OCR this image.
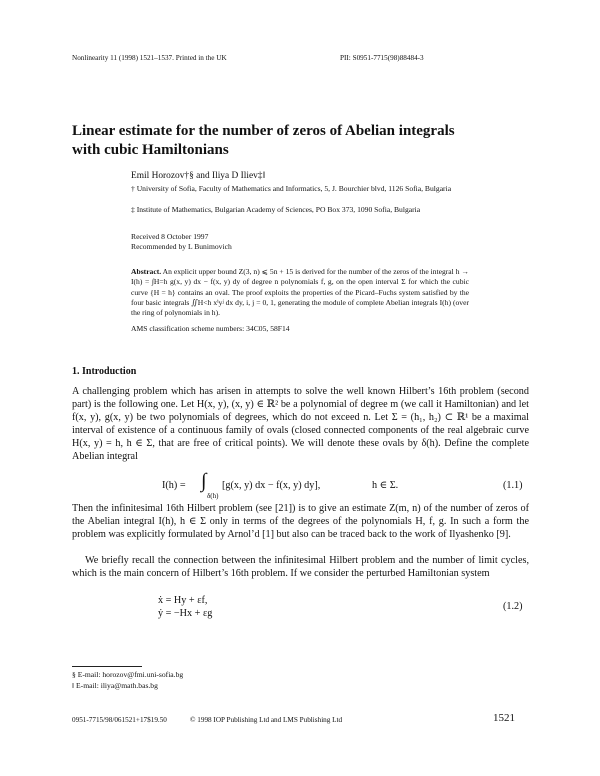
Nonlinearity 11 (1998) 1521–1537. Printed in the UK	PII: S0951-7715(98)88484-3
Linear estimate for the number of zeros of Abelian integrals with cubic Hamiltonians
Emil Horozov†§ and Iliya D Iliev‡‖
† University of Sofia, Faculty of Mathematics and Informatics, 5, J. Bourchier blvd, 1126 Sofia, Bulgaria
‡ Institute of Mathematics, Bulgarian Academy of Sciences, PO Box 373, 1090 Sofia, Bulgaria
Received 8 October 1997
Recommended by L Bunimovich
Abstract. An explicit upper bound Z(3, n) ⩽ 5n + 15 is derived for the number of the zeros of the integral h → I(h) = ∫H=h g(x, y) dx − f(x, y) dy of degree n polynomials f, g, on the open interval Σ for which the cubic curve {H = h} contains an oval. The proof exploits the properties of the Picard–Fuchs system satisfied by the four basic integrals ∬H<h xⁱyʲ dx dy, i, j = 0, 1, generating the module of complete Abelian integrals I(h) (over the ring of polynomials in h).
AMS classification scheme numbers: 34C05, 58F14
1. Introduction

A challenging problem which has arisen in attempts to solve the well known Hilbert’s 16th problem (second part) is the following one. Let H(x, y), (x, y) ∈ ℝ² be a polynomial of degree m (we call it Hamiltonian) and let f(x, y), g(x, y) be two polynomials of degrees, which do not exceed n. Let Σ = (h₁, h₂) ⊂ ℝ¹ be a maximal interval of existence of a continuous family of ovals (closed connected components of the real algebraic curve H(x, y) = h, h ∈ Σ, that are free of critical points). We will denote these ovals by δ(h). Define the complete Abelian integral

I(h) = ∫
δ(h)
[g(x, y) dx − f(x, y) dy],	h ∈ Σ.	(1.1)

Then the infinitesimal 16th Hilbert problem (see [21]) is to give an estimate Z(m, n) of the number of zeros of the Abelian integral I(h), h ∈ Σ only in terms of the degrees of the polynomials H, f, g. In such a form the problem was explicitly formulated by Arnol’d [1] but also can be traced back to the work of Ilyashenko [9].

We briefly recall the connection between the infinitesimal Hilbert problem and the number of limit cycles, which is the main concern of Hilbert’s 16th problem. If we consider the perturbed Hamiltonian system

ẋ = Hy + εf,
ẏ = −Hx + εg
(1.2)
§ E-mail: horozov@fmi.uni-sofia.bg
‖ E-mail: iliya@math.bas.bg
0951-7715/98/061521+17$19.50	© 1998 IOP Publishing Ltd and LMS Publishing Ltd	1521
